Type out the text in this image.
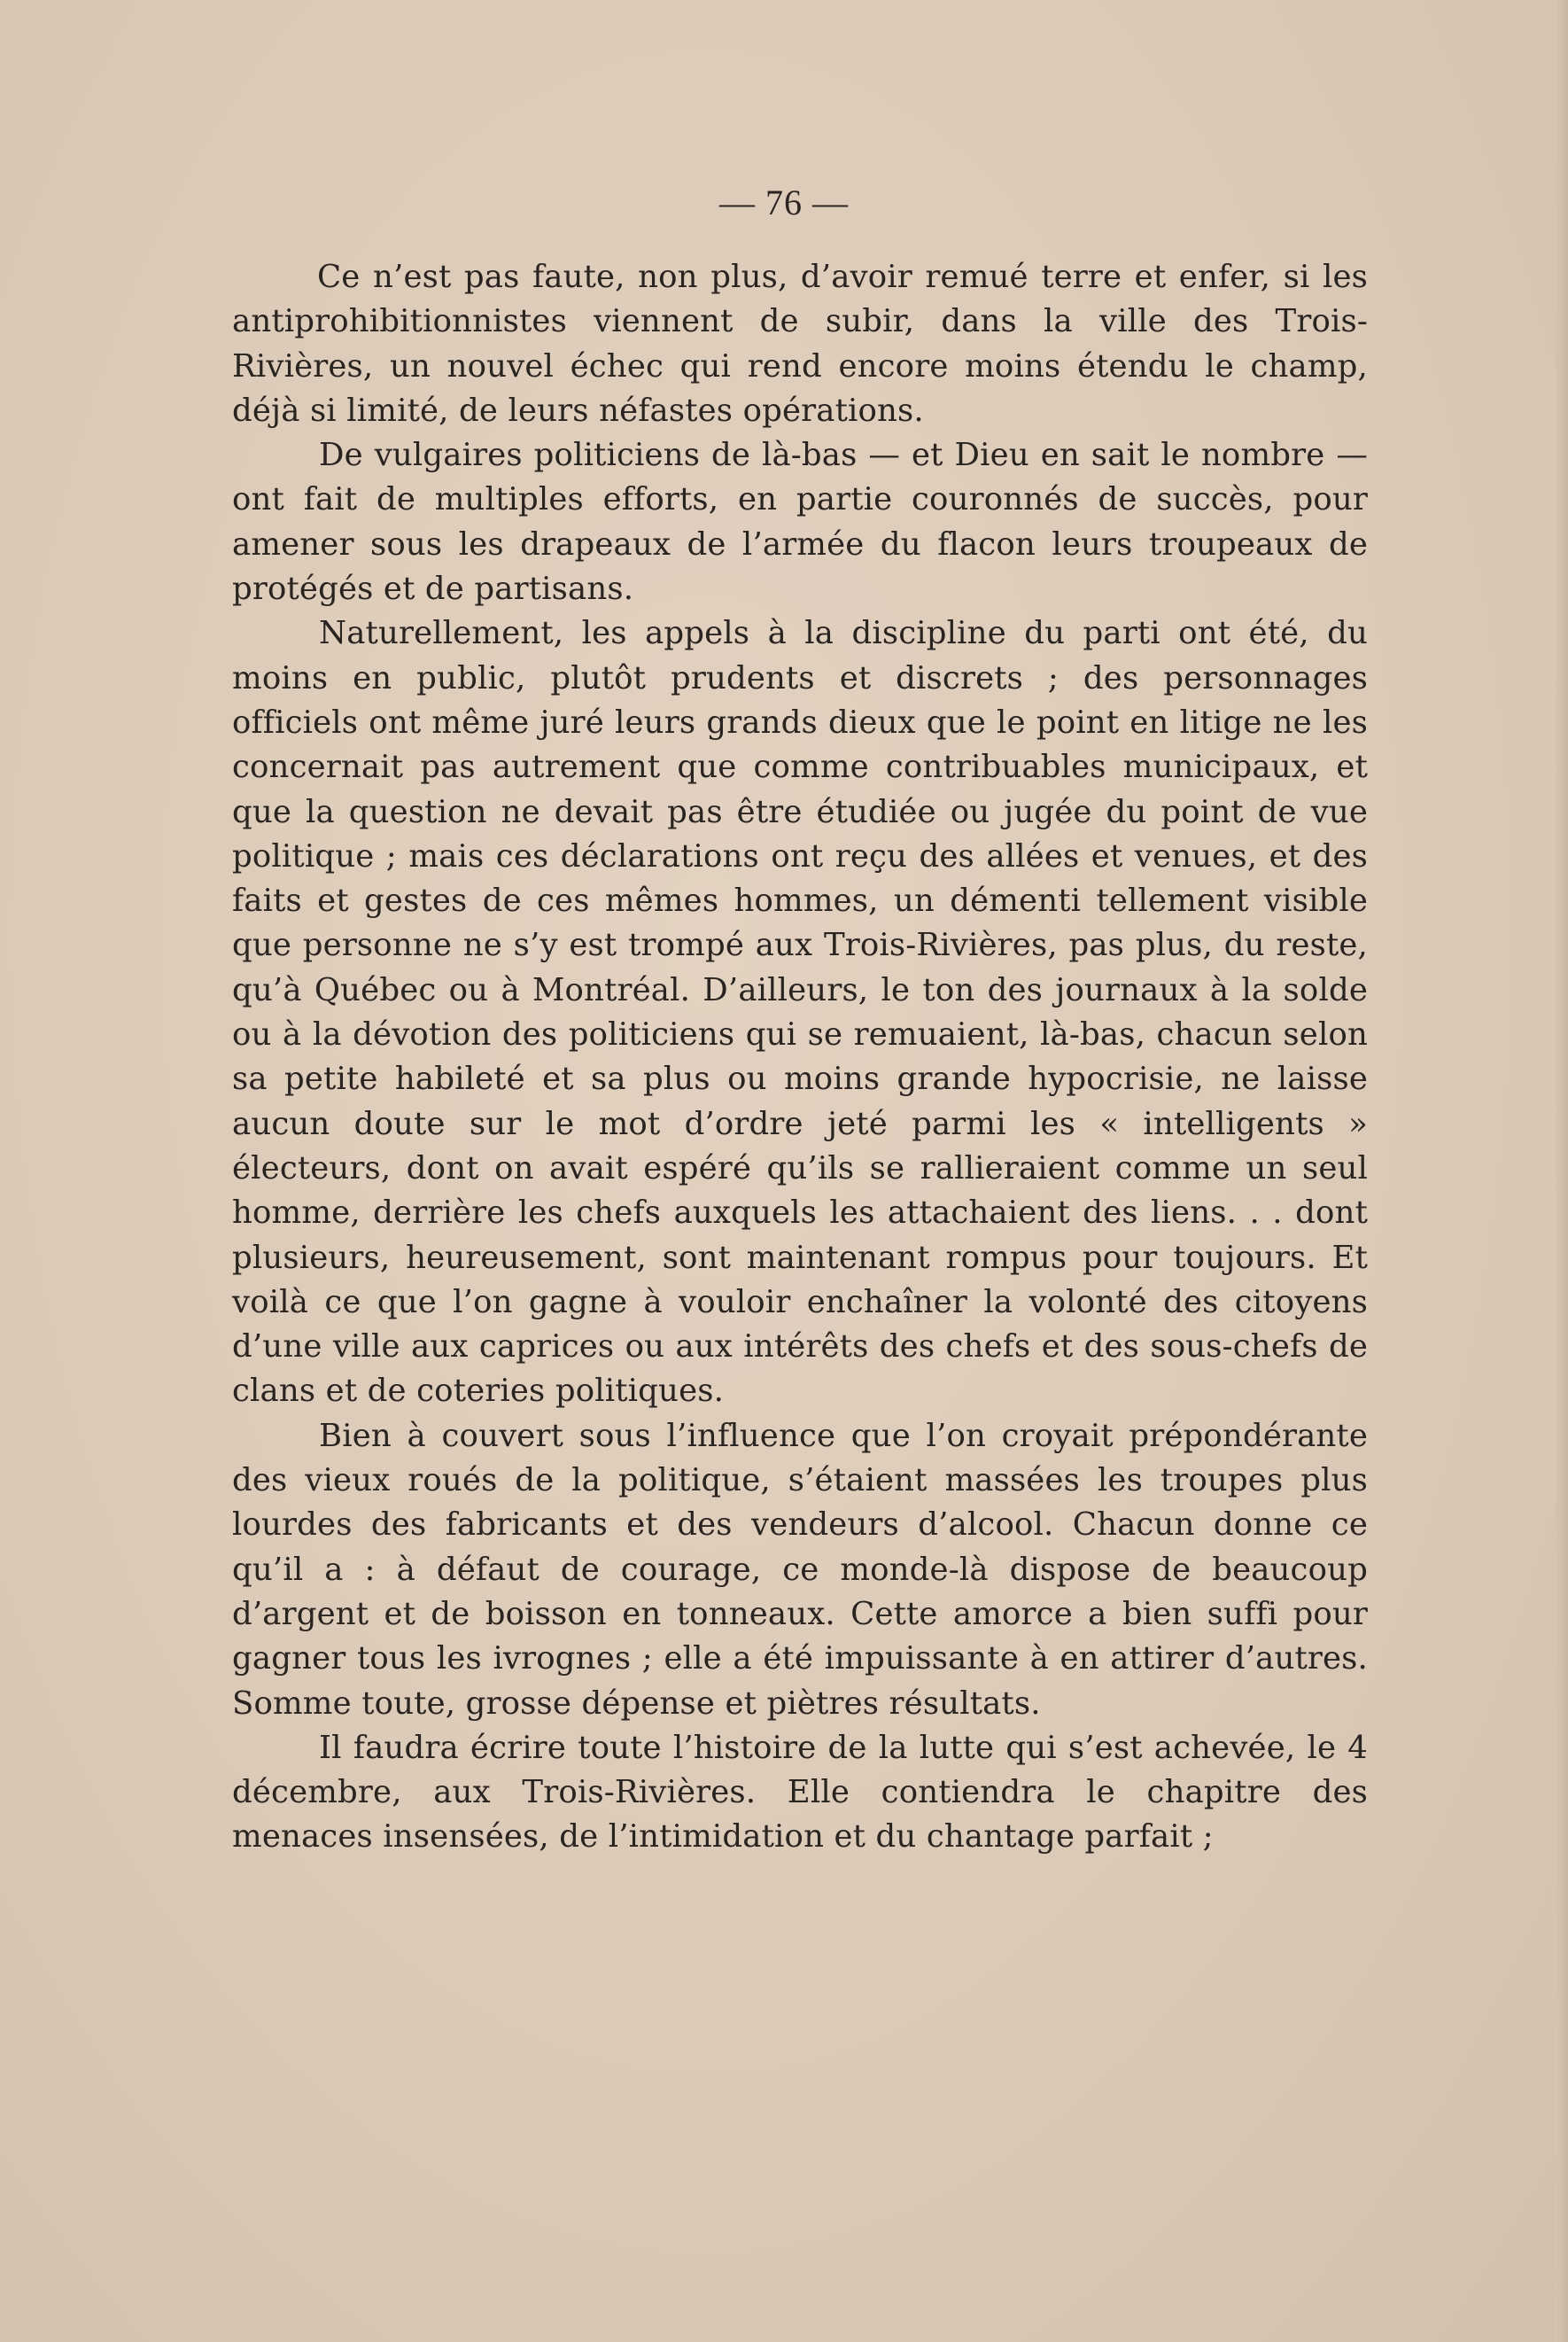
— 76 —

Ce n’est pas faute, non plus, d’avoir remué terre et enfer, si les antiprohibitionnistes viennent de subir, dans la ville des Trois-Rivières, un nouvel échec qui rend encore moins étendu le champ, déjà si limité, de leurs néfastes opérations.

De vulgaires politiciens de là-bas — et Dieu en sait le nombre — ont fait de multiples efforts, en partie couronnés de succès, pour amener sous les drapeaux de l’armée du flacon leurs troupeaux de protégés et de partisans.

Naturellement, les appels à la discipline du parti ont été, du moins en public, plutôt prudents et discrets ; des personnages officiels ont même juré leurs grands dieux que le point en litige ne les concernait pas autrement que comme contribuables municipaux, et que la question ne devait pas être étudiée ou jugée du point de vue politique ; mais ces déclarations ont reçu des allées et venues, et des faits et gestes de ces mêmes hommes, un démenti tellement visible que personne ne s’y est trompé aux Trois-Rivières, pas plus, du reste, qu’à Québec ou à Montréal. D’ailleurs, le ton des journaux à la solde ou à la dévotion des politiciens qui se remuaient, là-bas, chacun selon sa petite habileté et sa plus ou moins grande hypocrisie, ne laisse aucun doute sur le mot d’ordre jeté parmi les « intelligents » électeurs, dont on avait espéré qu’ils se rallieraient comme un seul homme, derrière les chefs auxquels les attachaient des liens. . . dont plusieurs, heureusement, sont maintenant rompus pour toujours. Et voilà ce que l’on gagne à vouloir enchaîner la volonté des citoyens d’une ville aux caprices ou aux intérêts des chefs et des sous-chefs de clans et de coteries politiques.

Bien à couvert sous l’influence que l’on croyait prépondérante des vieux roués de la politique, s’étaient massées les troupes plus lourdes des fabricants et des vendeurs d’alcool. Chacun donne ce qu’il a : à défaut de courage, ce monde-là dispose de beaucoup d’argent et de boisson en tonneaux. Cette amorce a bien suffi pour gagner tous les ivrognes ; elle a été impuissante à en attirer d’autres. Somme toute, grosse dépense et piètres résultats.

Il faudra écrire toute l’histoire de la lutte qui s’est achevée, le 4 décembre, aux Trois-Rivières. Elle contiendra le chapitre des menaces insensées, de l’intimidation et du chantage parfait ;
